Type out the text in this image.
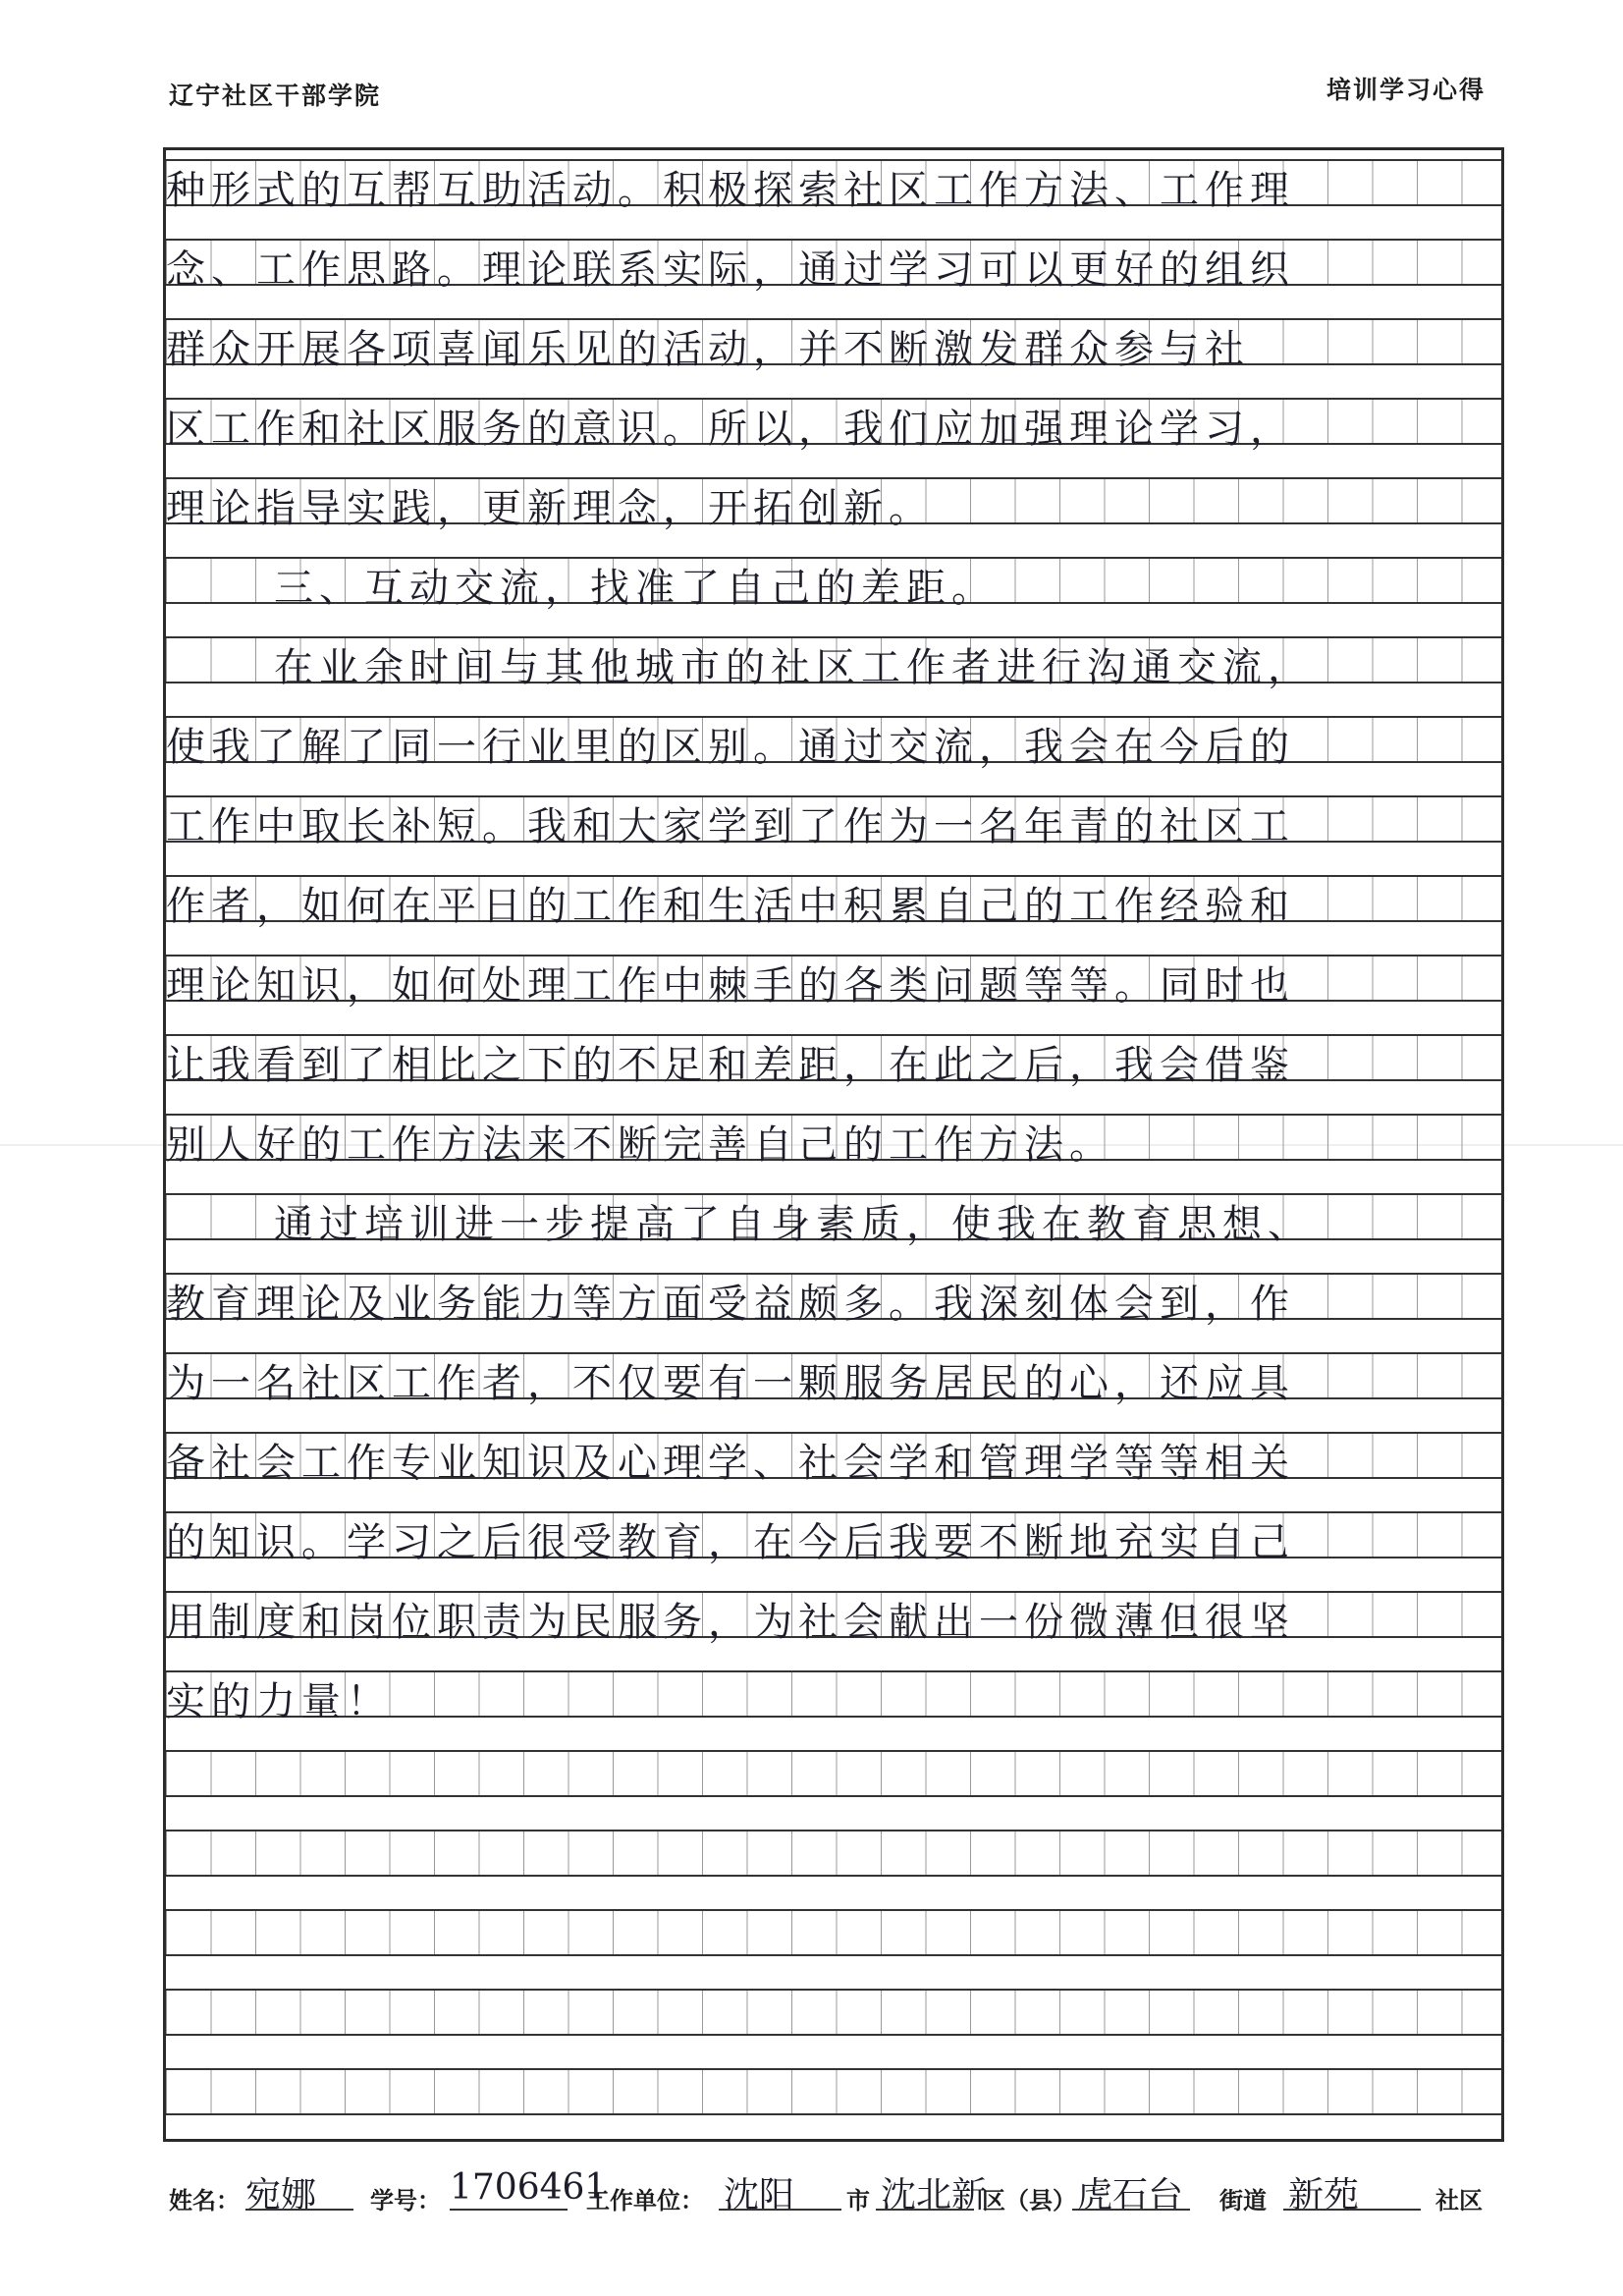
辽宁社区干部学院	培训学习心得
种形式的互帮互助活动。积极探索社区工作方法、工作理
念、工作思路。理论联系实际，通过学习可以更好的组织
群众开展各项喜闻乐见的活动，并不断激发群众参与社
区工作和社区服务的意识。所以，我们应加强理论学习，
理论指导实践，更新理念，开拓创新。
三、互动交流，找准了自己的差距。
在业余时间与其他城市的社区工作者进行沟通交流，
使我了解了同一行业里的区别。通过交流，我会在今后的
工作中取长补短。我和大家学到了作为一名年青的社区工
作者，如何在平日的工作和生活中积累自己的工作经验和
理论知识，如何处理工作中棘手的各类问题等等。同时也
让我看到了相比之下的不足和差距，在此之后，我会借鉴
别人好的工作方法来不断完善自己的工作方法。
通过培训进一步提高了自身素质，使我在教育思想、
教育理论及业务能力等方面受益颇多。我深刻体会到，作
为一名社区工作者，不仅要有一颗服务居民的心，还应具
备社会工作专业知识及心理学、社会学和管理学等等相关
的知识。学习之后很受教育，在今后我要不断地充实自己
用制度和岗位职责为民服务，为社会献出一份微薄但很坚
实的力量！
姓名： 宛娜 学号： 1706461
工作单位： 沈阳 市 沈北新
区（县） 虎石台 街道 新苑	社区
